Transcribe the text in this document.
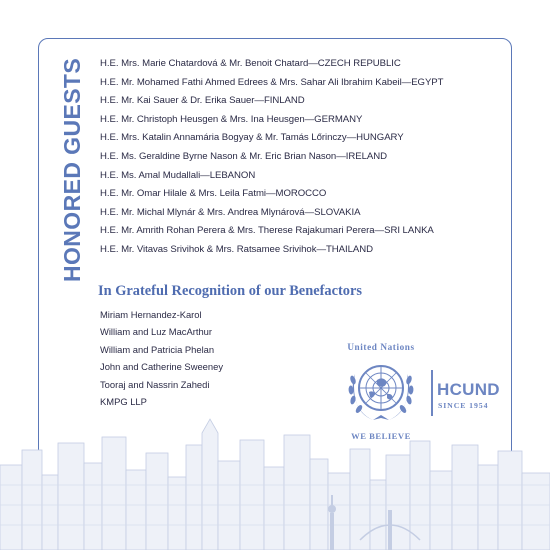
HONORED GUESTS	H.E. Mrs. Marie Chatardová & Mr. Benoit Chatard—CZECH REPUBLIC
H.E. Mr. Mohamed Fathi Ahmed Edrees & Mrs. Sahar Ali Ibrahim Kabeil—EGYPT
H.E. Mr. Kai Sauer & Dr. Erika Sauer—FINLAND
H.E. Mr. Christoph Heusgen & Mrs. Ina Heusgen—GERMANY
H.E. Mrs. Katalin Annamária Bogyay & Mr. Tamás Lőrinczy—HUNGARY
H.E. Ms. Geraldine Byrne Nason & Mr. Eric Brian Nason—IRELAND
H.E. Ms. Amal Mudallali—LEBANON
H.E. Mr. Omar Hilale & Mrs. Leila Fatmi—MOROCCO
H.E. Mr. Michal Mlynár & Mrs. Andrea Mlynárová—SLOVAKIA
H.E. Mr. Amrith Rohan Perera & Mrs. Therese Rajakumari Perera—SRI LANKA
H.E. Mr. Vitavas Srivihok & Mrs. Ratsamee Srivihok—THAILAND
In Grateful Recognition of our Benefactors
Miriam Hernandez-Karol
William and Luz MacArthur
William and Patricia Phelan
John and Catherine Sweeney
Tooraj and Nassrin Zahedi
KMPG LLP
United Nations
WE BELIEVE
HCUND
SINCE 1954
